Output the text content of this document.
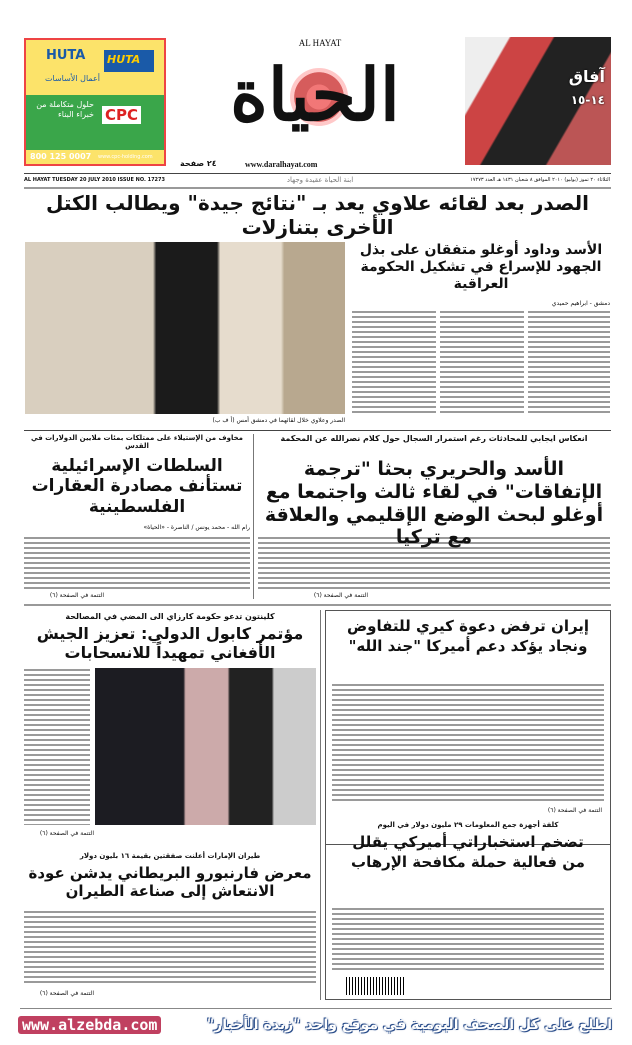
HUTA HUTA
أعمال الأساسات
حلول متكاملة من خبراء البناء CPC
800 125 0007 www.cpc-holding.com
AL HAYAT
الحياة
www.daralhayat.com
٢٤ صفحة
آفاق
١٤-١٥
AL HAYAT TUESDAY 20 JULY 2010 ISSUE NO. 17273	ابنة الحياة عقيدة وجهاد	الثلاثاء ٢٠ تموز (يوليو) ٢٠١٠ الموافق ٨ شعبان ١٤٣١ هـ العدد ١٧٢٧٣
الصدر بعد لقائه علاوي يعد بـ "نتائج جيدة" ويطالب الكتل الأخرى بتنازلات
الأسد وداود أوغلو متفقان على بذل الجهود للإسراع في تشكيل الحكومة العراقية
الصدر وعلاوي خلال لقائهما في دمشق أمس (أ ف ب)
دمشق - ابراهيم حميدي
انعكاس ايجابي للمحادثات رغم استمرار السجال حول كلام نصرالله عن المحكمة
الأسد والحريري بحثا "ترجمة الإتفاقات" في لقاء ثالث واجتمعا مع أوغلو لبحث الوضع الإقليمي والعلاقة مع تركيا
التتمة في الصفحة (٦)
مخاوف من الإستيلاء على ممتلكات بمئات ملايين الدولارات في القدس
السلطات الإسرائيلية تستأنف مصادرة العقارات الفلسطينية
رام الله - محمد يونس / الناصرة - «الحياة»
التتمة في الصفحة (٦)
إيران ترفض دعوة كيري للتفاوض ونجاد يؤكد دعم أميركا "جند الله"
التتمة في الصفحة (٦)
كلفة أجهزة جمع المعلومات ٢٩ مليون دولار في اليوم
تضخم استخباراتي أميركي يقلل من فعالية حملة مكافحة الإرهاب
كلينتون تدعو حكومة كارزاي الى المضي في المصالحة
مؤتمر كابول الدولي: تعزيز الجيش الأفغاني تمهيداً للانسحابات
التتمة في الصفحة (٦)
طيران الإمارات أعلنت صفقتين بقيمة ١٦ بليون دولار
معرض فارنبورو البريطاني يدشن عودة الانتعاش إلى صناعة الطيران
التتمة في الصفحة (٦)
www.alzebda.com	اطلع على كل الصحف اليومية في موقع واحد "زبدة الأخبار"
